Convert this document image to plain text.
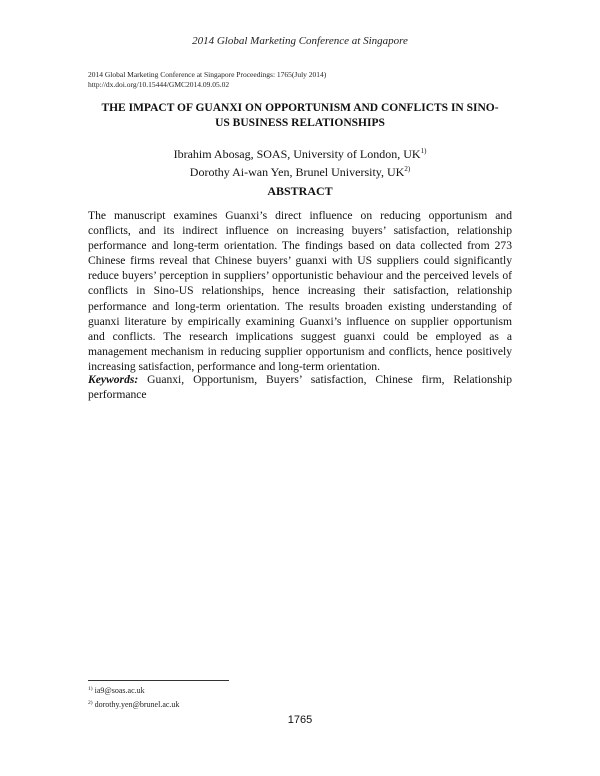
2014 Global Marketing Conference at Singapore
2014 Global Marketing Conference at Singapore Proceedings: 1765(July 2014)
http://dx.doi.org/10.15444/GMC2014.09.05.02
THE IMPACT OF GUANXI ON OPPORTUNISM AND CONFLICTS IN SINO-
US BUSINESS RELATIONSHIPS
Ibrahim Abosag, SOAS, University of London, UK$^{1)}$
Dorothy Ai-wan Yen, Brunel University, UK$^{2)}$
ABSTRACT
The manuscript examines Guanxi’s direct influence on reducing opportunism and conflicts, and its indirect influence on increasing buyers’ satisfaction, relationship performance and long-term orientation. The findings based on data collected from 273 Chinese firms reveal that Chinese buyers’ guanxi with US suppliers could significantly reduce buyers’ perception in suppliers’ opportunistic behaviour and the perceived levels of conflicts in Sino-US relationships, hence increasing their satisfaction, relationship performance and long-term orientation. The results broaden existing understanding of guanxi literature by empirically examining Guanxi’s influence on supplier opportunism and conflicts. The research implications suggest guanxi could be employed as a management mechanism in reducing supplier opportunism and conflicts, hence positively increasing satisfaction, performance and long-term orientation.
Keywords: Guanxi, Opportunism, Buyers’ satisfaction, Chinese firm, Relationship performance
$^{1)}$ ia9@soas.ac.uk
$^{2)}$ dorothy.yen@brunel.ac.uk
1765
